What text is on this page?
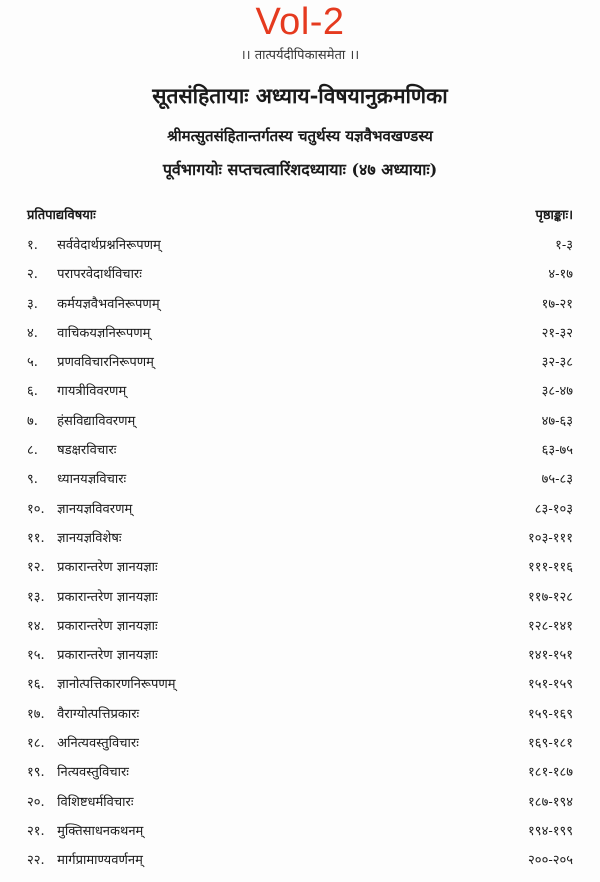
Vol-2
।। तात्पर्यदीपिकासमेता ।।
सूतसंहितायाः अध्याय-विषयानुक्रमणिका
श्रीमत्सुतसंहितान्तर्गतस्य चतुर्थस्य यज्ञवैभवखण्डस्य
पूर्वभागयोः सप्तचत्वारिंशदध्यायाः (४७ अध्यायाः)
प्रतिपाद्यविषयाः	पृष्ठाङ्काः।
१. सर्ववेदार्थप्रश्ननिरूपणम्	१-३
२. परापरवेदार्थविचारः	४-१७
३. कर्मयज्ञवैभवनिरूपणम्	१७-२१
४. वाचिकयज्ञनिरूपणम्	२१-३२
५. प्रणवविचारनिरूपणम्	३२-३८
६. गायत्रीविवरणम्	३८-४७
७. हंसविद्याविवरणम्	४७-६३
८. षडक्षरविचारः	६३-७५
९. ध्यानयज्ञविचारः	७५-८३
१०. ज्ञानयज्ञविवरणम्	८३-१०३
११. ज्ञानयज्ञविशेषः	१०३-१११
१२. प्रकारान्तरेण ज्ञानयज्ञाः	१११-११६
१३. प्रकारान्तरेण ज्ञानयज्ञाः	११७-१२८
१४. प्रकारान्तरेण ज्ञानयज्ञाः	१२८-१४१
१५. प्रकारान्तरेण ज्ञानयज्ञाः	१४१-१५१
१६. ज्ञानोत्पत्तिकारणनिरूपणम्	१५१-१५९
१७. वैराग्योत्पत्तिप्रकारः	१५९-१६९
१८. अनित्यवस्तुविचारः	१६९-१८१
१९. नित्यवस्तुविचारः	१८१-१८७
२०. विशिष्टधर्मविचारः	१८७-१९४
२१. मुक्तिसाधनकथनम्	१९४-१९९
२२. मार्गप्रामाण्यवर्णनम्	२००-२०५
